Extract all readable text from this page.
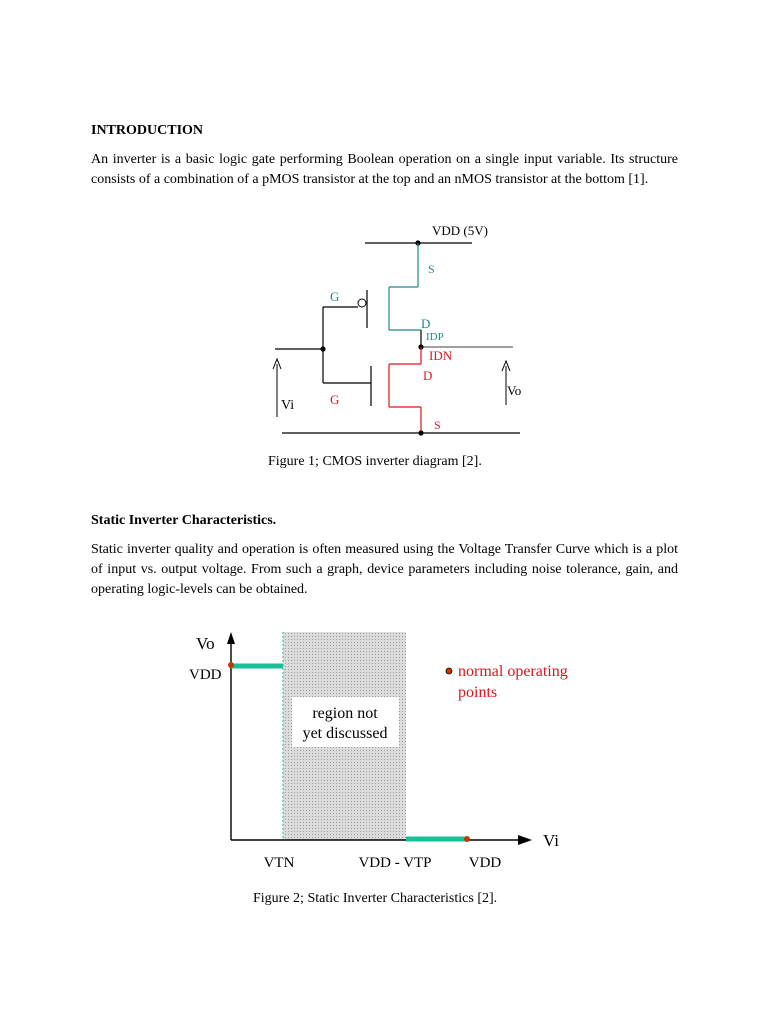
INTRODUCTION

An inverter is a basic logic gate performing Boolean operation on a single input variable. Its structure consists of a combination of a pMOS transistor at the top and an nMOS transistor at the bottom [1].

VDD (5V)
S
G
D
IDP
IDN
D
G
S
Vi
Vo

Figure 1; CMOS inverter diagram [2].

Static Inverter Characteristics.

Static inverter quality and operation is often measured using the Voltage Transfer Curve which is a plot of input vs. output voltage. From such a graph, device parameters including noise tolerance, gain, and operating logic-levels can be obtained.

region not
yet discussed
Vo
Vi
VDD
VTN	VDD - VTP VDD
normal operating
points

Figure 2; Static Inverter Characteristics [2].
